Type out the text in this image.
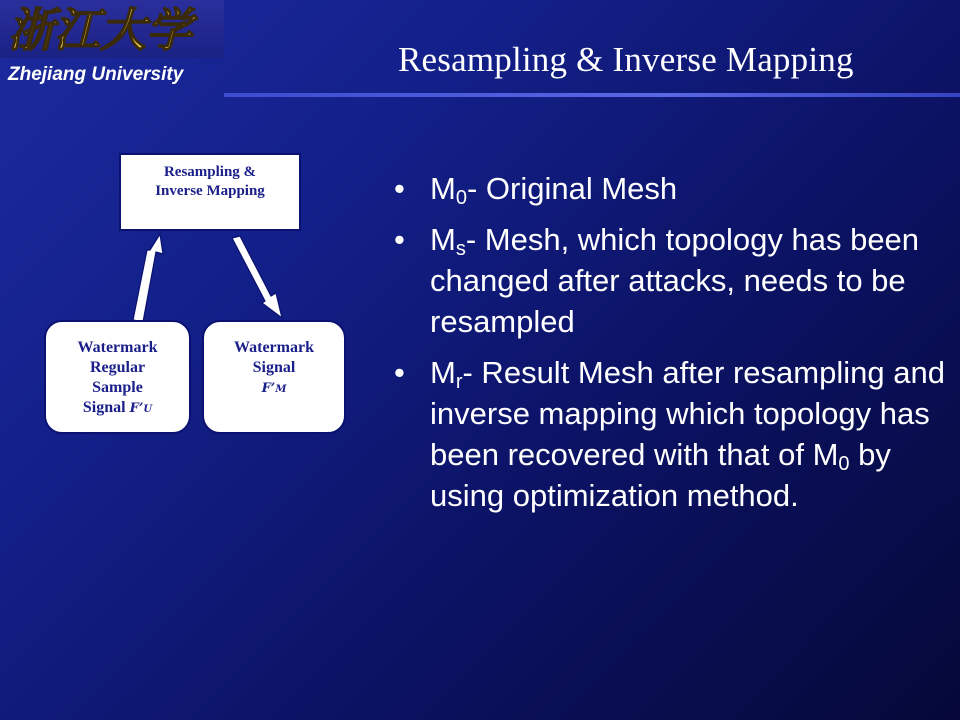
浙江大学
Zhejiang University	Resampling & Inverse Mapping
Resampling &
Inverse Mapping
Watermark
Regular
Sample
Signal F’U
Watermark
Signal
F’M
• $M_0-$ Original Mesh
• $M_s-$ Mesh, which topology has been changed after attacks, needs to be resampled
• $M_r-$ Result Mesh after resampling and inverse mapping which topology has been recovered with that of $M_0$ by using optimization method.
